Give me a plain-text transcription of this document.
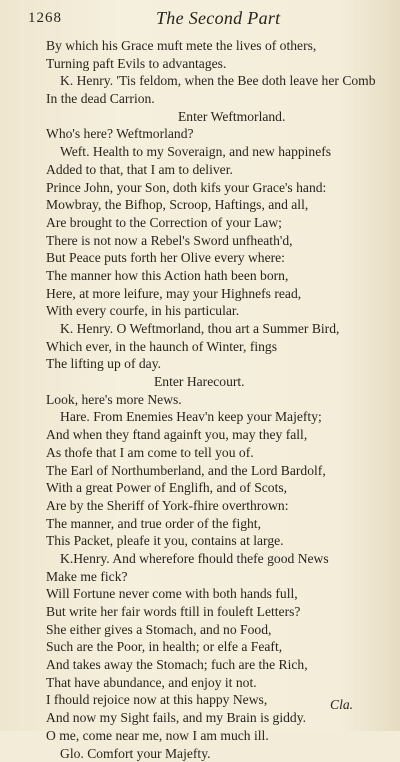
1268	The Second Part
By which his Grace muft mete the lives of others,
Turning paft Evils to advantages.
K. Henry. 'Tis feldom, when the Bee doth leave her Comb
In the dead Carrion.
Enter Weftmorland.
Who's here? Weftmorland?
Weft. Health to my Soveraign, and new happinefs
Added to that, that I am to deliver.
Prince John, your Son, doth kifs your Grace's hand:
Mowbray, the Bifhop, Scroop, Haftings, and all,
Are brought to the Correction of your Law;
There is not now a Rebel's Sword unfheath'd,
But Peace puts forth her Olive every where:
The manner how this Action hath been born,
Here, at more leifure, may your Highnefs read,
With every courfe, in his particular.
K. Henry. O Weftmorland, thou art a Summer Bird,
Which ever, in the haunch of Winter, fings
The lifting up of day.
Enter Harecourt.
Look, here's more News.
Hare. From Enemies Heav'n keep your Majefty;
And when they ftand againft you, may they fall,
As thofe that I am come to tell you of.
The Earl of Northumberland, and the Lord Bardolf,
With a great Power of Englifh, and of Scots,
Are by the Sheriff of York-fhire overthrown:
The manner, and true order of the fight,
This Packet, pleafe it you, contains at large.
K.Henry. And wherefore fhould thefe good News
Make me fick?
Will Fortune never come with both hands full,
But write her fair words ftill in fouleft Letters?
She either gives a Stomach, and no Food,
Such are the Poor, in health; or elfe a Feaft,
And takes away the Stomach; fuch are the Rich,
That have abundance, and enjoy it not.
I fhould rejoice now at this happy News,
And now my Sight fails, and my Brain is giddy.
O me, come near me, now I am much ill.
Glo. Comfort your Majefty.
Cla.
